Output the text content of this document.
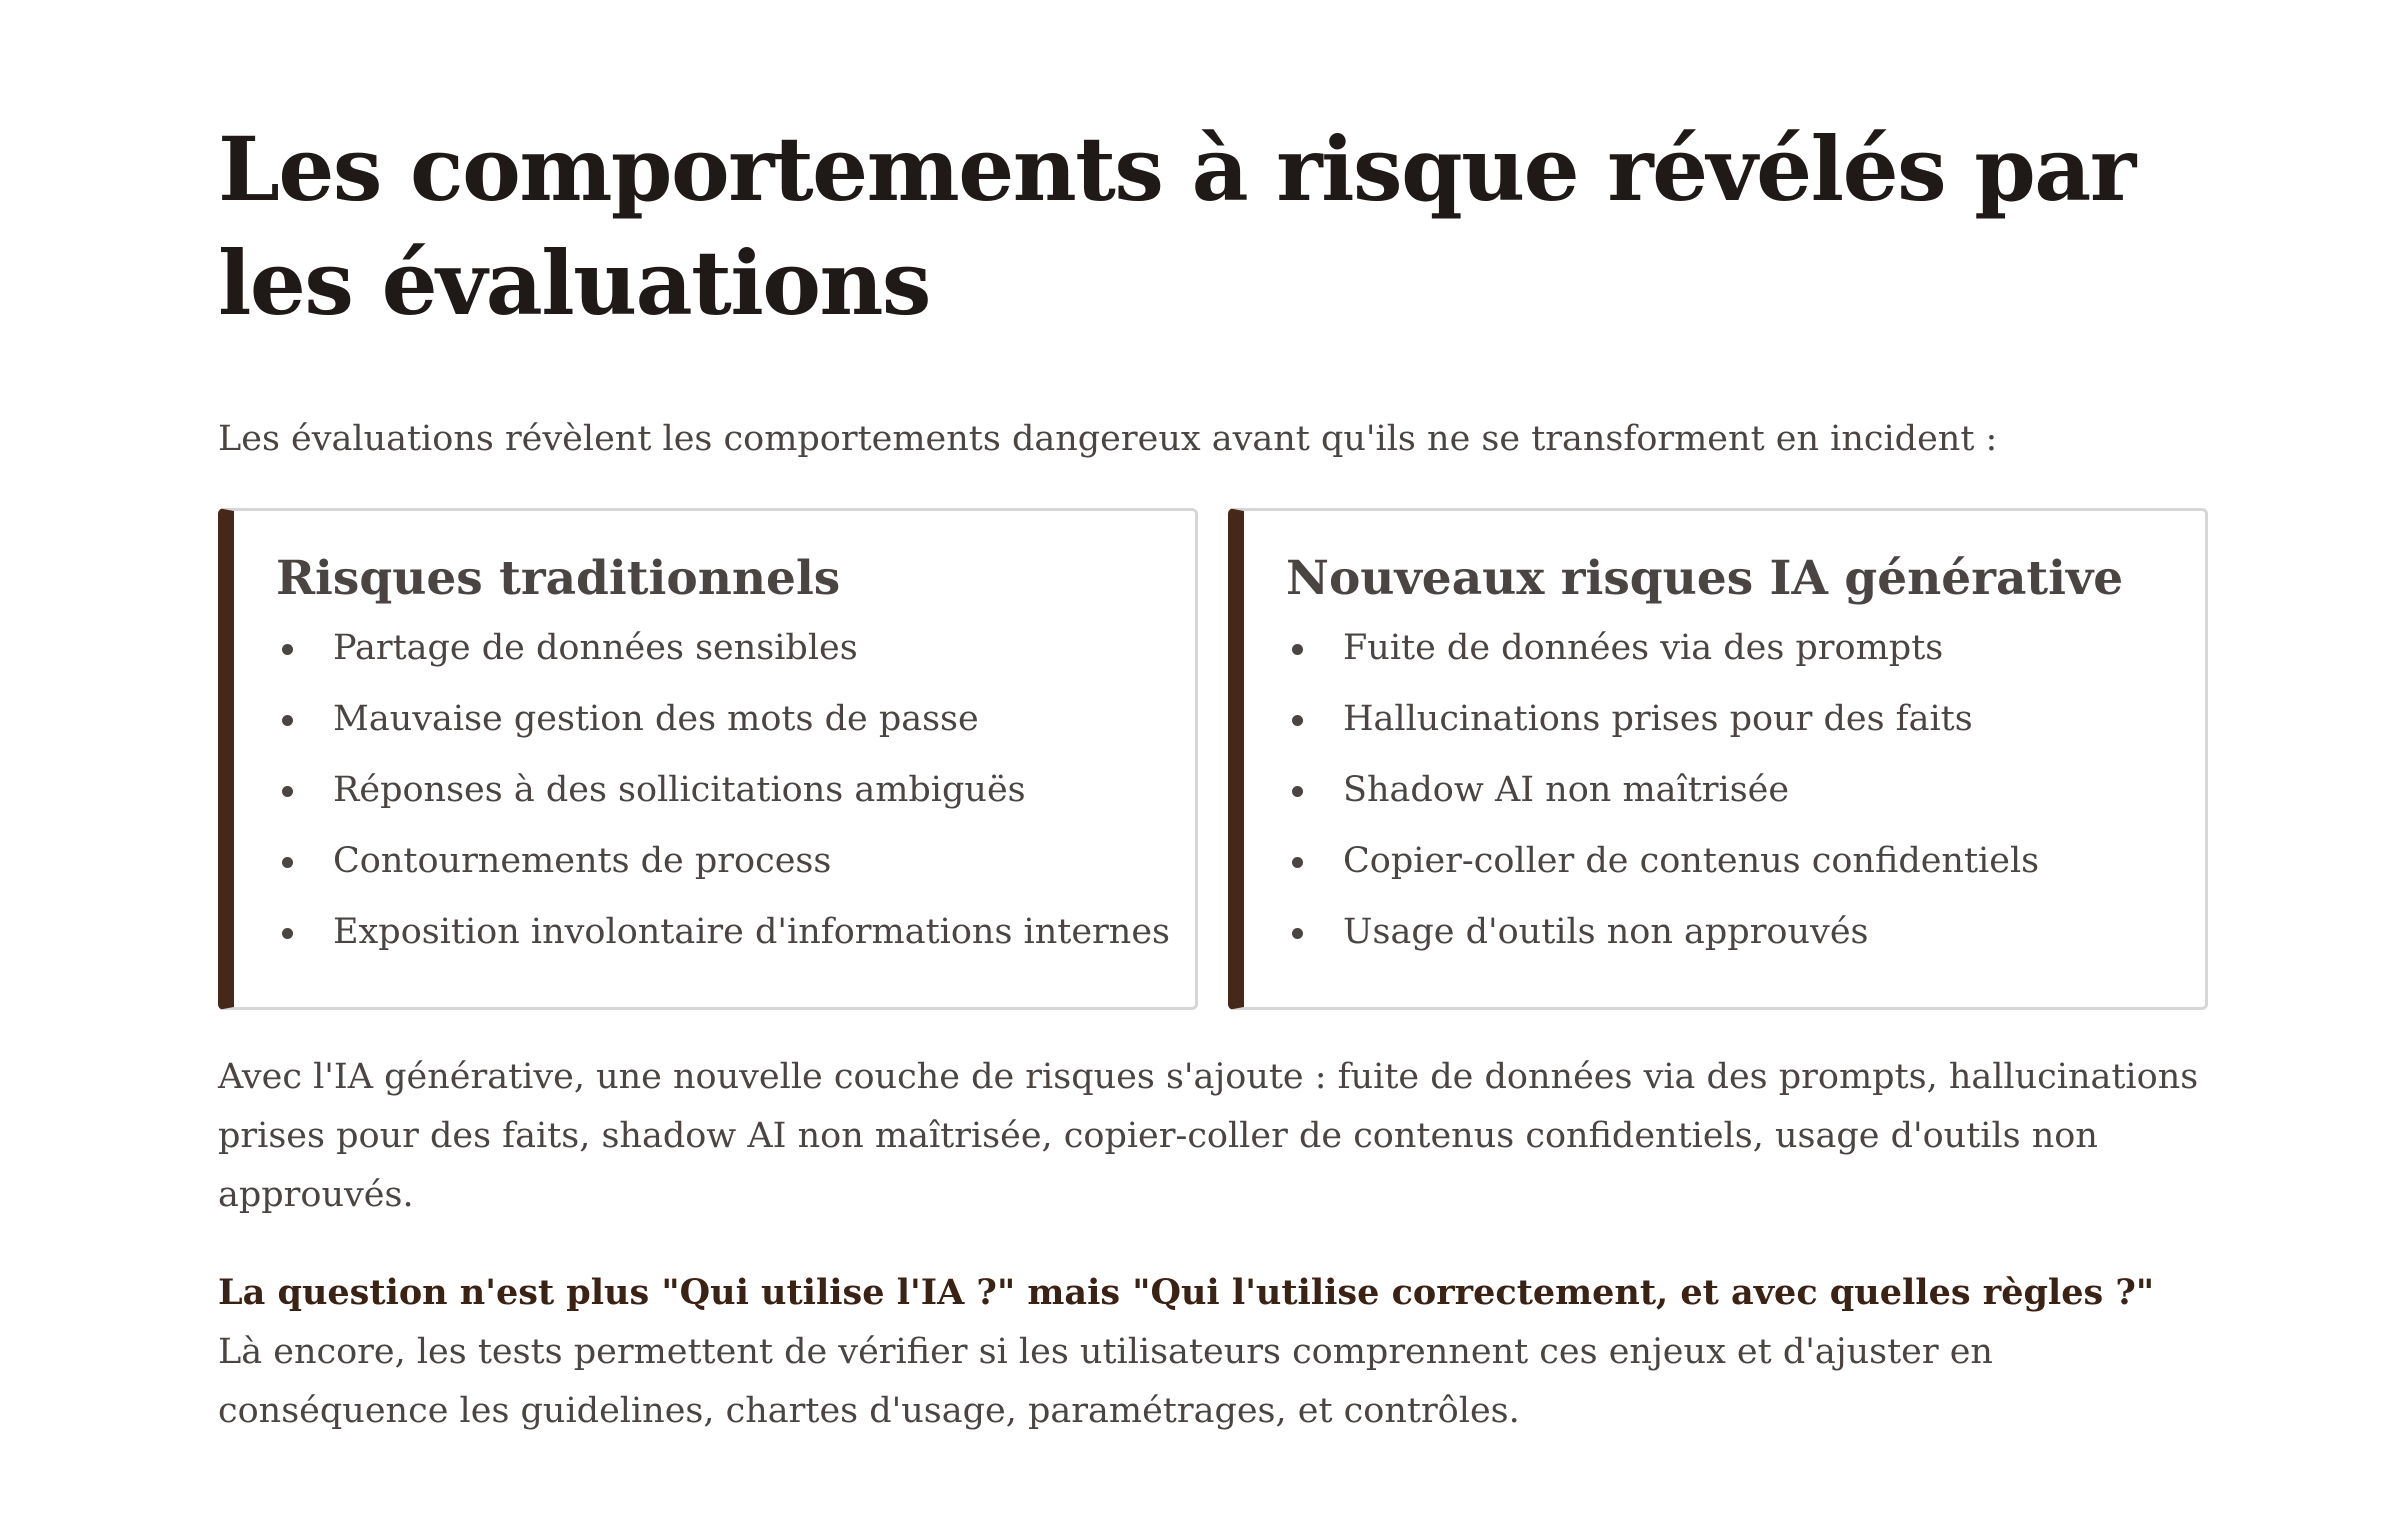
Les comportements à risque révélés par les évaluations

Les évaluations révèlent les comportements dangereux avant qu'ils ne se transforment en incident :

Risques traditionnels
Partage de données sensibles
Mauvaise gestion des mots de passe
Réponses à des sollicitations ambiguës
Contournements de process
Exposition involontaire d'informations internes
Nouveaux risques IA générative
Fuite de données via des prompts
Hallucinations prises pour des faits
Shadow AI non maîtrisée
Copier-coller de contenus confidentiels
Usage d'outils non approuvés

Avec l'IA générative, une nouvelle couche de risques s'ajoute : fuite de données via des prompts, hallucinations prises pour des faits, shadow AI non maîtrisée, copier-coller de contenus confidentiels, usage d'outils non approuvés.

La question n'est plus "Qui utilise l'IA ?" mais "Qui l'utilise correctement, et avec quelles règles ?" Là encore, les tests permettent de vérifier si les utilisateurs comprennent ces enjeux et d'ajuster en conséquence les guidelines, chartes d'usage, paramétrages, et contrôles.
